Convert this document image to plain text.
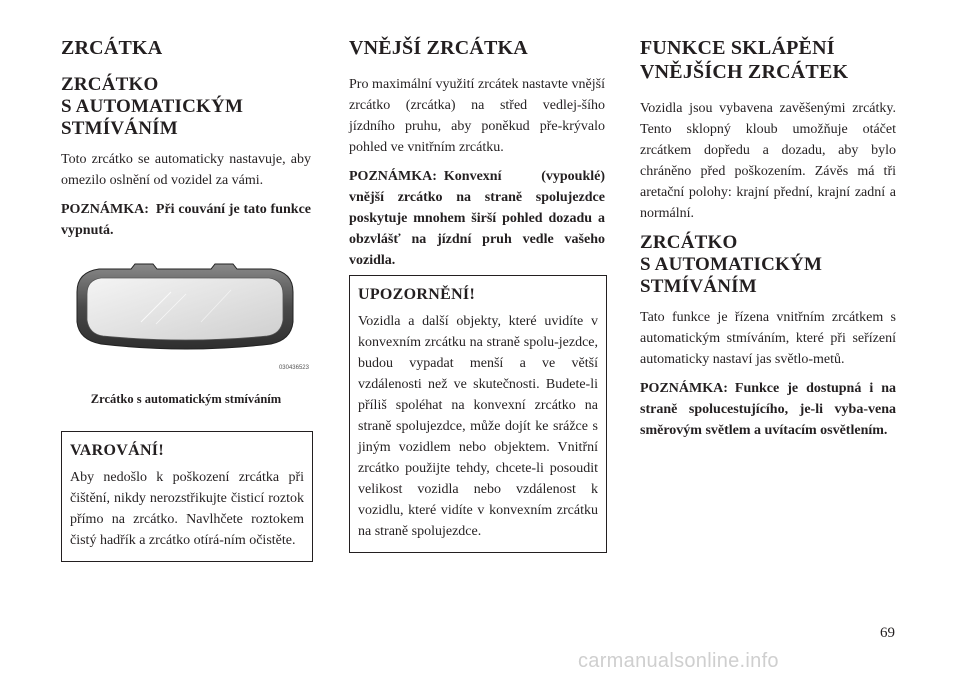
ZRCÁTKA
ZRCÁTKO
S AUTOMATICKÝM
STMÍVÁNÍM

Toto zrcátko se automaticky nastavuje, aby omezilo oslnění od vozidel za vámi.

POZNÁMKA: Při couvání je tato funkce vypnutá.

030436523
Zrcátko s automatickým stmíváním
VAROVÁNÍ!

Aby nedošlo k poškození zrcátka při čištění, nikdy nerozstřikujte čisticí roztok přímo na zrcátko. Navlhčete roztokem čistý hadřík a zrcátko otírá-ním očistěte.

VNĚJŠÍ ZRCÁTKA

Pro maximální využití zrcátek nastavte vnější zrcátko (zrcátka) na střed vedlej-šího jízdního pruhu, aby poněkud pře-krývalo pohled ve vnitřním zrcátku.

POZNÁMKA: Konvexní (vypouklé) vnější zrcátko na straně spolujezdce poskytuje mnohem širší pohled dozadu a obzvlášť na jízdní pruh vedle vašeho vozidla.

UPOZORNĚNÍ!

Vozidla a další objekty, které uvidíte v konvexním zrcátku na straně spolu-jezdce, budou vypadat menší a ve větší vzdálenosti než ve skutečnosti. Budete-li příliš spoléhat na konvexní zrcátko na straně spolujezdce, může dojít ke srážce s jiným vozidlem nebo objektem. Vnitřní zrcátko použijte tehdy, chcete-li posoudit velikost vozidla nebo vzdálenost k vozidlu, které vidíte v konvexním zrcátku na straně spolujezdce.

FUNKCE SKLÁPĚNÍ
VNĚJŠÍCH ZRCÁTEK

Vozidla jsou vybavena zavěšenými zrcátky. Tento sklopný kloub umožňuje otáčet zrcátkem dopředu a dozadu, aby bylo chráněno před poškozením. Závěs má tři aretační polohy: krajní přední, krajní zadní a normální.

ZRCÁTKO
S AUTOMATICKÝM
STMÍVÁNÍM

Tato funkce je řízena vnitřním zrcátkem s automatickým stmíváním, které při seřízení automaticky nastaví jas světlo-metů.

POZNÁMKA: Funkce je dostupná i na straně spolucestujícího, je-li vyba-vena směrovým světlem a uvítacím osvětlením.

69
carmanualsonline.info
